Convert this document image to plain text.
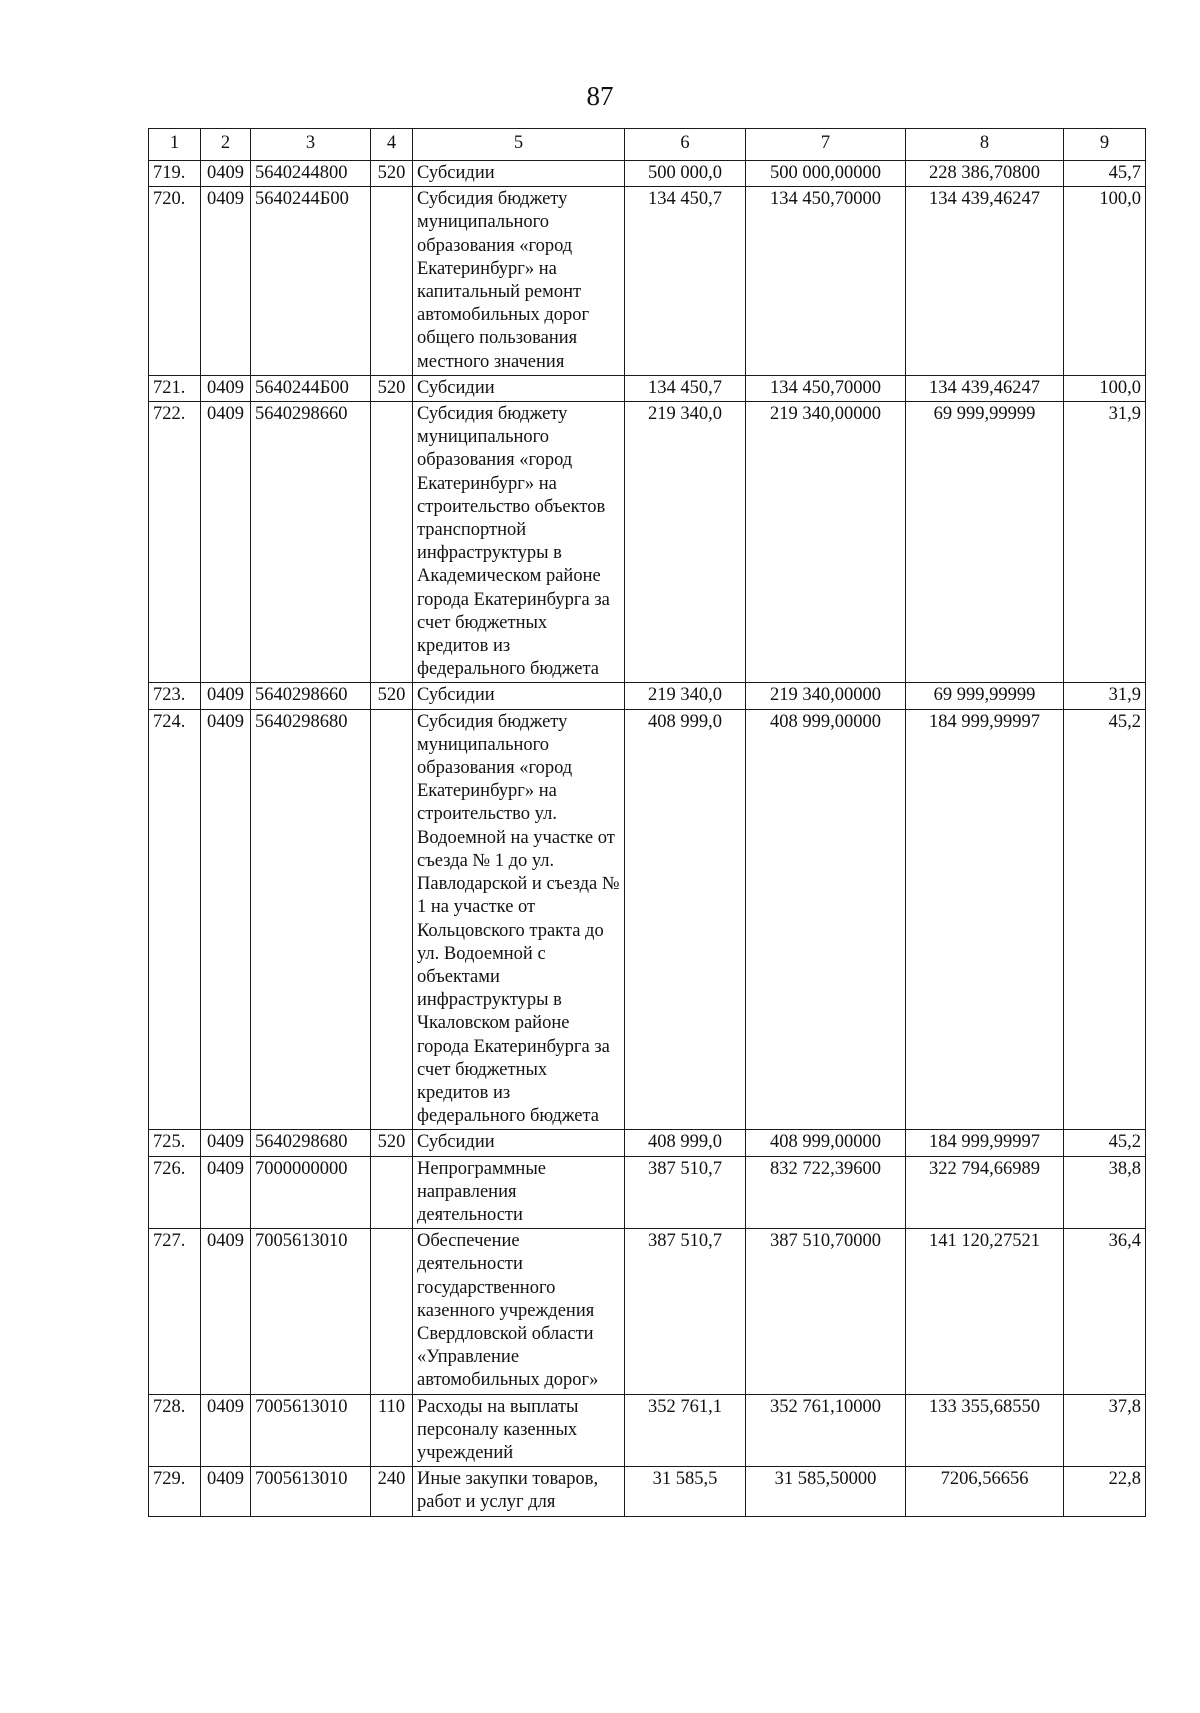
87
1	2	3	4	5	6	7	8	9
719.	0409	5640244800	520	Субсидии	500 000,0	500 000,00000	228 386,70800	45,7
720.	0409	5640244Б00		Субсидия бюджету муниципального образования «город Екатеринбург» на капитальный ремонт автомобильных дорог общего пользования местного значения	134 450,7	134 450,70000	134 439,46247	100,0
721.	0409	5640244Б00	520	Субсидии	134 450,7	134 450,70000	134 439,46247	100,0
722.	0409	5640298660		Субсидия бюджету муниципального образования «город Екатеринбург» на строительство объектов транспортной инфраструктуры в Академическом районе города Екатеринбурга за счет бюджетных кредитов из федерального бюджета	219 340,0	219 340,00000	69 999,99999	31,9
723.	0409	5640298660	520	Субсидии	219 340,0	219 340,00000	69 999,99999	31,9
724.	0409	5640298680		Субсидия бюджету муниципального образования «город Екатеринбург» на строительство ул. Водоемной на участке от съезда № 1 до ул. Павлодарской и съезда № 1 на участке от Кольцовского тракта до ул. Водоемной с объектами инфраструктуры в Чкаловском районе города Екатеринбурга за счет бюджетных кредитов из федерального бюджета	408 999,0	408 999,00000	184 999,99997	45,2
725.	0409	5640298680	520	Субсидии	408 999,0	408 999,00000	184 999,99997	45,2
726.	0409	7000000000		Непрограммные направления деятельности	387 510,7	832 722,39600	322 794,66989	38,8
727.	0409	7005613010		Обеспечение деятельности государственного казенного учреждения Свердловской области «Управление автомобильных дорог»	387 510,7	387 510,70000	141 120,27521	36,4
728.	0409	7005613010	110	Расходы на выплаты персоналу казенных учреждений	352 761,1	352 761,10000	133 355,68550	37,8
729.	0409	7005613010	240	Иные закупки товаров, работ и услуг для	31 585,5	31 585,50000	7206,56656	22,8
